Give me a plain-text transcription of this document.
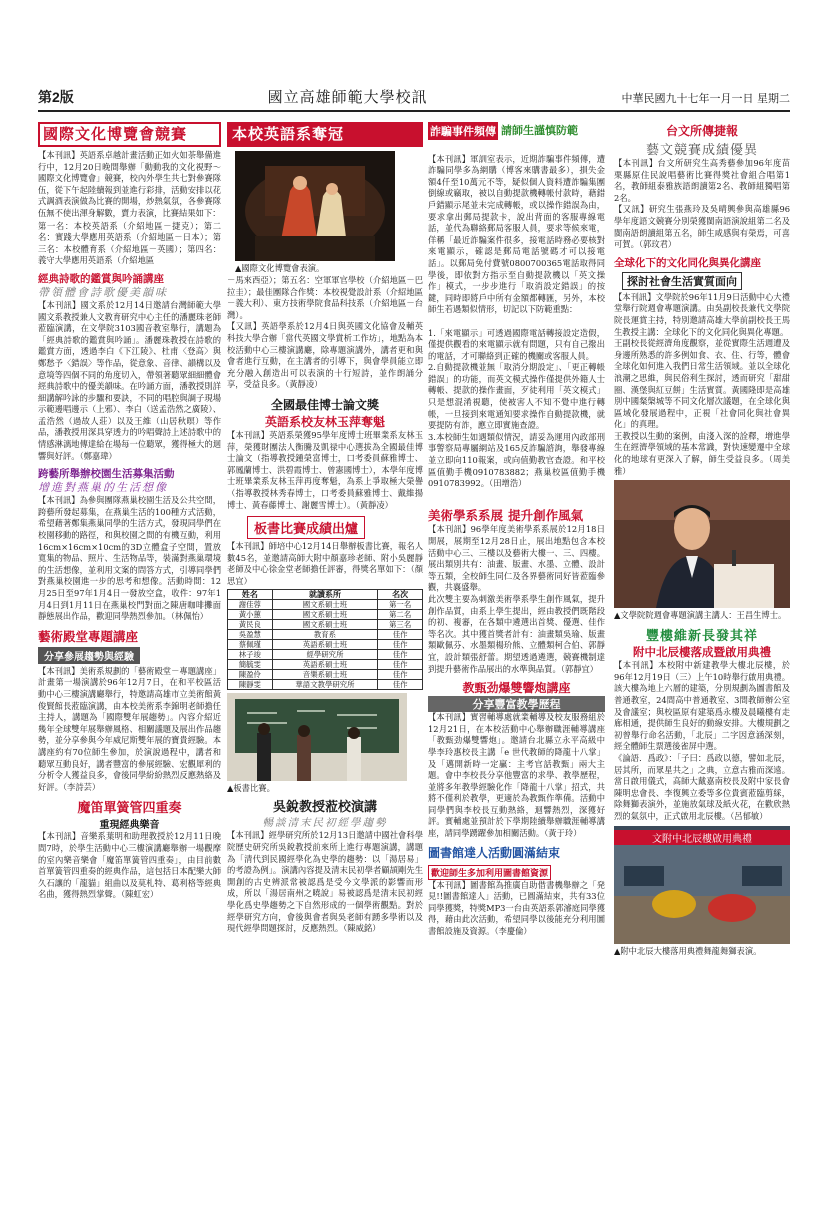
第2版	國立高雄師範大學校訊	中華民國九十七年一月一日 星期二
國際文化博覽會競賽

【本刊訊】英語系卓越計畫活動正如火如荼舉備進行中，12月20日晚間舉辦「動動我的文化視野～國際文化博覽會」競賽，校內外學生共七對參賽隊伍，從下午起陸續報到並進行彩排，活動安排以花式調酒表演做為比賽的開場，炒熱氣氛，各參賽隊伍無不使出渾身解數，賣力表演，比賽結果如下：

第一名：本校英語系（介紹地區－捷克）；第二名：實踐大學應用英語系（介紹地區－日本）；第三名：本校體育系（介紹地區－英國）；第四名：義守大學應用英語系（介紹地區

經典詩歌的鑑賞與吟誦講座
帶領體會詩歌優美韻味
【本刊訊】國文系於12月14日邀請台灣師範大學國文系教授兼人文教育研究中心主任的潘麗珠老師蒞臨演講，在文學院3103國音教室舉行，講題為「經典詩歌的鑑賞與吟誦」。潘麗珠教授在詩歌的鑑賞方面，透過李白《下江陵》、杜甫〈登高〉與鄭愁予〈錯誤〉等作品，從意象、音律、韻構以及意境等四個不同的角度切入，帶領著聽眾細細體會經典詩歌中的優美韻味。在吟誦方面，潘教授則詳細講解吟詠的步驟和要訣，不同的唱腔與調子現場示範邊唱邊示（上邪）、李白（送孟浩然之廣陵）、孟浩然（過故人莊）以及王維（山居秋暝）等作品，潘教授用深具穿透力的吟唱聲詩上述詩歌中的情感淋漓地傳達給在場每一位聽眾，獲得極大的迴響與好評。（鄭嘉瑋）
跨藝所舉辦校園生活募集活動
增進對燕巢的生活想像
【本刊訊】為參與團隊燕巢校園生活及公共空間，跨藝所發起募集，在燕巢生活的100種方式活動，希望藉著鄭集燕巢同學的生活方式，發現同學們在校園移動的路徑，和與校園之間的有機互動，利用16cm×16cm×10cm的3D立體盒子空間，置放寬集的物品、照片、生活物品等，裝滿對燕巢環境的生活想像，並利用文案的問答方式，引導同學們對燕巢校園進一步的思考和想像。活動時間：12月25日至97年1月4日一發放空盒，收件：97年1月4日到1月11日在燕巢校門對面之陳唐咖啡攤面靜態展出作品，歡迎同學熱烈參加。（林佩怡）
藝術殿堂專題講座
分享參展趨勢與經驗
【本刊訊】美術系規劃的「藝術殿堂－專題講座」計畫第一場演講於96年12月7日，在和平校區活動中心三樓演講廳舉行，特邀請高雄市立美術館黃俊賢館長蒞臨演講，由本校美術系李錦明老師擔任主持人，講題為「國際雙年展趨勢」。內容介紹近幾年全球雙年展舉辦風格、相關議題及展出作品趨勢，並分享參與今年威尼斯雙年展的寶貴經驗。本講座約有70位師生參加，於演說過程中，講者和聽眾互動良好，講者豐富的參展經驗、宏觀犀利的分析令人獲益良多，會後同學紛紛熱烈反應熱絡及好評。（李詩芸）
魔笛單簧管四重奏
重現經典樂音
【本刊訊】音樂系葉明和助理教授於12月11日晚間7時，於學生活動中心三樓演講廳舉辦一場觀摩的室內樂音樂會「魔笛單簧管四重奏」，由目前數首單簧管四重奏的經典作品，這包括日本配樂大師久石讓的「龍貓」組曲以及莫札特、葛利格等經典名曲，獲得熱烈掌聲。（陳虹宏）
本校英語系奪冠
▲國際文化博覽會表演。

－馬來西亞）；第五名：空軍軍官學校（介紹地區－巴拉圭）；最佳團隊合作獎：本校視覺設計系（介紹地區－義大利）、東方技術學院食品科技系（介紹地區－台灣）。

【又訊】英語學系於12月4日與英國文化協會及輔英科技大學合辦「當代英國文學賞析工作坊」，地點為本校活動中心三樓演講廳，除專題演講外，講者更和與會者進行互動，在主講者的引導下，與會學員能立即充分融入創造出可以表演的十行短詩，並作朗誦分享，受益良多。（黃靜凌）

全國最佳博士論文獎
英語系校友林玉萍奪魁
【本刊訊】英語系榮獲95學年度博士班畢業系友林玉萍，榮獲財團法人衡騰及凱禄中心選拔為全國最佳博士論文（指導教授鍾榮富博士，口考委員蘇雅博士、郭鳳蘭博士、洪碧霞博士、曾憲國博士），本學年度博士班畢業系友林玉萍再度奪魁，為系上爭取極大榮譽（指導教授林秀春博士，口考委員蘇雅博士、戴維揚博士、黃春藤博士、謝麗雪博士）。（黃靜凌）
板書比賽成績出爐
【本刊訊】師培中心12月14日舉辦板書比賽，報名人數45名，並邀請高師大附中顏嘉珍老師、附小吳麗靜老師及中心徐金堂老師擔任評審，得獎名單如下：（顏思宜）
姓名	就讀系所	名次
謝佳蓉	國文系碩士班	第一名
黃小蕙	國文系碩士班	第二名
黃民良	國文系碩士班	第三名
吳盈慧	教育系	佳作
蔡佩瑾	英語系碩士班	佳作
林子竣	經學研究所	佳作
簡毓雯	英語系碩士班	佳作
陳盈伶	音樂系碩士班	佳作
陳靜雯	華語文教學研究所	佳作
▲板書比賽。
吳銳教授蒞校演講
暢談清末民初經學趨勢
【本刊訊】經學研究所於12月13日邀請中國社會科學院歷史研究所吳銳教授前來所上進行專題演講，講題為「清代到民國經學化為史學的趨勢：以「湯居易」的考證為例」。演講內容提及清末民初學者顧頡剛先生開創的古史辨派常被認爲是受今文學派的影響而形成，所以「湯居南州之曉說」易被認爲是清末民初經學化爲史學趨勢之下自然形成的一個學術觀點。對於經學研究方向，會後與會者與吳老師有踴多學術以及現代經學問題探討，反應熱烈。（陳威銘）
詐騙事件頻傳 請師生謹慎防範

【本刊訊】軍訓室表示，近期詐騙事件頻傳，遭詐騙同學多為網購（博客來購書最多），損失金額4仟至10萬元不等，疑似個人資料遭詐騙集團倒線或竊取，被以自動提款機轉帳付款時，藉錯戶錯顯示尾並未完成轉帳，或以操作錯誤為由，要求拿出郵局提款卡，說出背面的客服專線電話，並代為聯絡郵局客服人員，要求等候來電，佯稱「最近詐騙案件很多，接電話時務必要核對來電顯示，確認是郵局電話號碼才可以接電話」。以郵局免付費號0800700365電話取得同學後，即依對方指示至自動提款機以「英文操作」模式，一步步進行「取消設定錯誤」的按鍵，同時即將戶中所有金額都轉匯，另外，本校師生若遇類似情形，切記以下防範重點：

1.「來電顯示」可透過國際電話轉接設定造假，僅提供觀看的來電顯示就有問題，只有自己撥出的電話，才可聯絡到正確的機關或客服人員。
2.自動提款機並無「取消分期設定」、「更正轉帳錯誤」的功能，而英文模式操作僅提供外籍人士轉帳、提款的操作畫面，歹徒利用「英文模式」只是想混淆視聽，使被害人不知不覺中進行轉帳，一旦接到來電通知要求操作自動提款機，就要提防有詐，應立即實施查證。
3.本校師生如遇類似情況，請妥為運用內政部刑事警察局專屬網站及165反詐騙諮詢，舉發專線並立即向110報案，或向值勤教官查證。和平校區值勤手機0910783882；燕巢校區值勤手機0910783992。（田增浩）

美術學系系展 提升創作風氣

【本刊訊】96學年度美術學系系展於12月18日開展，展期至12月28日止，展出地點包含本校活動中心三、三樓以及藝術大樓一、三、四樓。展出類別共有：油畫、版畫、水墨、立體、設計等五類，全校師生同仁及各界藝術同好皆蒞臨參觀，共襄盛舉。

此次雙主要為刺激美術學系學生創作風氣，提升創作品質，由系上學生提出，經由教授們既階段的初、複審，在各類中遴選出首獎、優選、佳作等名次。其中獲首獎者計有：油畫類吳瑜、版畫類歐佩芬、水墨類楊玠熊、立體類柯合伯、郭靜宜，設計類張舒蕾。期望透過遴選，競賽機制達到提升藝術作品展出的水準與品質。（郭靜宜）

教甄劲爆雙響炮講座
分享豐富教學歷程
【本刊訊】實習輔導處就業輔導及校友服務組於12月21日，在本校活動中心舉辦職涯輔導講座「教甄劲爆雙響炮」。邀請台北縣立永平高級中學李玲惠校長主講「e 世代教師的降龍十八掌」及「邁開新時一定贏：主考官話教甄」兩大主題。會中李校長分享他豐富的求學、教學歷程，並將多年教學經驗化作「降龍十八掌」招式，共將不僅利於教學，更適於為教甄作準備。活動中同學們與李校長互動熱絡，迴響熱烈，深獲好評。實輔處並預計於下學期陸續舉辦職涯輔導講座，請同學踴躍參加相關活動。（黃于玲）
圖書館達人活動圓滿結束
歡迎師生多加利用圖書館資源
【本刊訊】圖書館為推廣自助借書機舉辦之「発見!!圖書館達人」活動，已圓滿結束，共有33位同學獲獎，特獎MP3一台由英語系郭濬庭同學獲得，藉由此次活動，希望同學以後能充分利用圖書館設施及資源。（李慶倫）
台文所傳捷報
藝文競賽成績優異

【本刊訊】台文所研究生高秀藝參加96年度苗栗縣原住民說唱藝術比賽得獎社會組合唱第1名，教師組泰雅族語朗讀第2名、教師組獨唱第2名。

【又訊】研究生張燕玲及吳晴興參與高雄縣96學年度語文競賽分別榮獲閩南語演說組第二名及閩南語朗讀組第五名，師生咸感與有榮焉，可喜可賀。（郭玟君）

全球化下的文化同化與異化講座
探討社會生活實質面向

【本刊訊】文學院於96年11月9日活動中心大禮堂舉行院週會專題演講。由吳副校長兼代文學院院長運賞主持，特別邀請高雄大學前副校長王馬生教授主講：全球化下的文化同化與異化專題。

王副校長從經濟角度觀察，並從實際生活週遭及身邊所熟悉的許多例如食、衣、住、行等，體會全球化如何進入我們日常生活領域。並以全球化浪潮之思維，與民俗利生探討，透而研究「甜甜圈、漢堡與紅豆餅」生活實質。黃國隆即是高雄別中國粲槃城等不同文化層次議題，在全球化與區域化發展過程中，正視「社會同化與社會異化」的真理。

王教授以生動的案例，由淺入深的詮釋，增進學生在經濟學領域的基本常識，對快速變遷中全球化的地球有更深入了解，師生受益良多。（周美雅）

▲文學院院週會專題演講主講人：王昌生博士。
豐樓維新長發其祥
附中北辰樓落成暨啟用典禮

【本刊訊】本校附中新建教學大樓北辰樓，於96年12月19日（三）上午10時舉行啟用典禮。該大樓為地上六層的建築，分別規劃為圖書館及普通教室，24間高中普通教室、3間教師辦公室及會議室；與校區原有建築爲永樓及晨曦樓有走廊相通，提供師生良好的動線安排。大樓規劃之初曾舉行命名活動，「北辰」二字因意涵深刻，經全體師生票選後雀屏中選。

《論語．爲政》：「子曰：爲政以德，譬如北辰，居其所，而眾星共之」之典，立意古雅而深遠。當日啟用儀式，高師大戴嘉南校長及附中家長會陳明忠會長、李復興立委等多位貴賓蒞臨剪綵，除舞獅表演外，並施放氣球及紙火花，在歡欣熱烈的氣氛中，正式啟用北辰樓。（呂郁敏）

文附中北辰樓啟用典禮
▲附中北辰大樓落用典禮舞龍舞獅表演。
